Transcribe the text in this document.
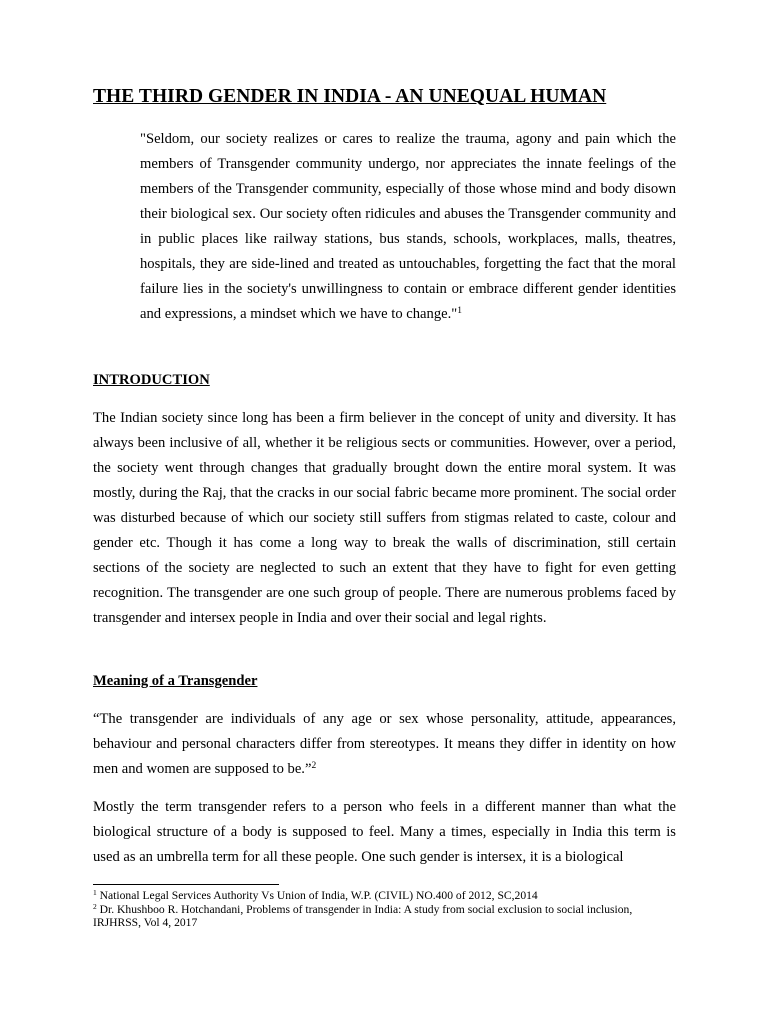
THE THIRD GENDER IN INDIA - AN UNEQUAL HUMAN

"Seldom, our society realizes or cares to realize the trauma, agony and pain which the members of Transgender community undergo, nor appreciates the innate feelings of the members of the Transgender community, especially of those whose mind and body disown their biological sex. Our society often ridicules and abuses the Transgender community and in public places like railway stations, bus stands, schools, workplaces, malls, theatres, hospitals, they are side-lined and treated as untouchables, forgetting the fact that the moral failure lies in the society's unwillingness to contain or embrace different gender identities and expressions, a mindset which we have to change."$^1$

INTRODUCTION

The Indian society since long has been a firm believer in the concept of unity and diversity. It has always been inclusive of all, whether it be religious sects or communities. However, over a period, the society went through changes that gradually brought down the entire moral system. It was mostly, during the Raj, that the cracks in our social fabric became more prominent. The social order was disturbed because of which our society still suffers from stigmas related to caste, colour and gender etc. Though it has come a long way to break the walls of discrimination, still certain sections of the society are neglected to such an extent that they have to fight for even getting recognition. The transgender are one such group of people. There are numerous problems faced by transgender and intersex people in India and over their social and legal rights.

Meaning of a Transgender

“The transgender are individuals of any age or sex whose personality, attitude, appearances, behaviour and personal characters differ from stereotypes. It means they differ in identity on how men and women are supposed to be.”$^2$

Mostly the term transgender refers to a person who feels in a different manner than what the biological structure of a body is supposed to feel. Many a times, especially in India this term is used as an umbrella term for all these people. One such gender is intersex, it is a biological

$^1$ National Legal Services Authority Vs Union of India, W.P. (CIVIL) NO.400 of 2012, SC,2014

$^2$ Dr. Khushboo R. Hotchandani, Problems of transgender in India: A study from social exclusion to social inclusion, IRJHRSS, Vol 4, 2017
